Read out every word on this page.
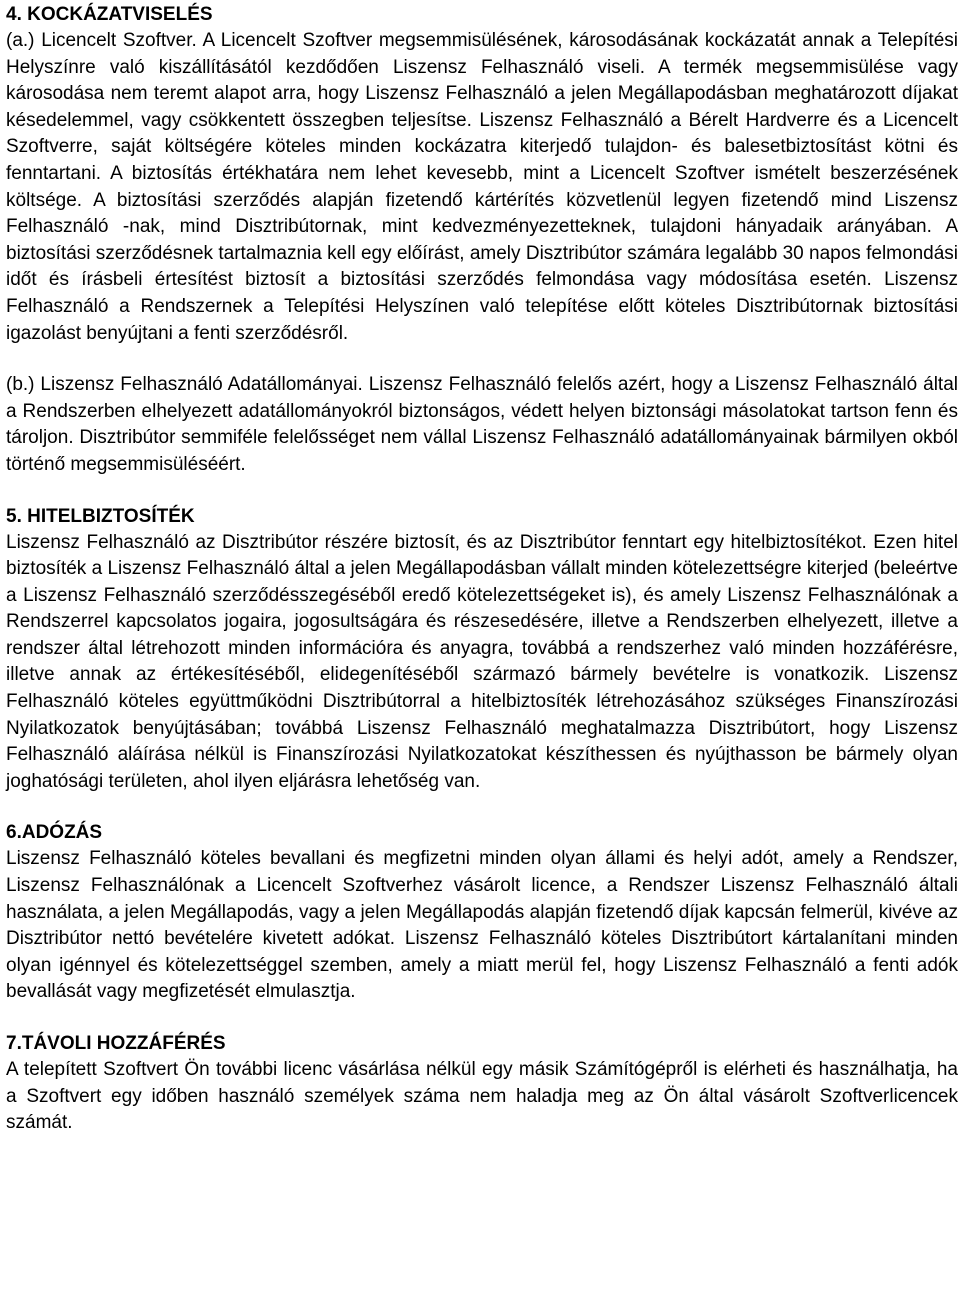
4. KOCKÁZATVISELÉS

(a.) Licencelt Szoftver. A Licencelt Szoftver megsemmisülésének, károsodásának kockázatát annak a Telepítési Helyszínre való kiszállításától kezdődően Liszensz Felhasználó viseli. A termék megsemmisülése vagy károsodása nem teremt alapot arra, hogy Liszensz Felhasználó a jelen Megállapodásban meghatározott díjakat késedelemmel, vagy csökkentett összegben teljesítse. Liszensz Felhasználó a Bérelt Hardverre és a Licencelt Szoftverre, saját költségére köteles minden kockázatra kiterjedő tulajdon- és balesetbiztosítást kötni és fenntartani. A biztosítás értékhatára nem lehet kevesebb, mint a Licencelt Szoftver ismételt beszerzésének költsége. A biztosítási szerződés alapján fizetendő kártérítés közvetlenül legyen fizetendő mind Liszensz Felhasználó -nak, mind Disztribútornak, mint kedvezményezetteknek, tulajdoni hányadaik arányában. A biztosítási szerződésnek tartalmaznia kell egy előírást, amely Disztribútor számára legalább 30 napos felmondási időt és írásbeli értesítést biztosít a biztosítási szerződés felmondása vagy módosítása esetén. Liszensz Felhasználó a Rendszernek a Telepítési Helyszínen való telepítése előtt köteles Disztribútornak biztosítási igazolást benyújtani a fenti szerződésről.

(b.) Liszensz Felhasználó Adatállományai. Liszensz Felhasználó felelős azért, hogy a Liszensz Felhasználó által a Rendszerben elhelyezett adatállományokról biztonságos, védett helyen biztonsági másolatokat tartson fenn és tároljon. Disztribútor semmiféle felelősséget nem vállal Liszensz Felhasználó adatállományainak bármilyen okból történő megsemmisüléséért.

5. HITELBIZTOSÍTÉK

Liszensz Felhasználó az Disztribútor részére biztosít, és az Disztribútor fenntart egy hitelbiztosítékot. Ezen hitel biztosíték a Liszensz Felhasználó által a jelen Megállapodásban vállalt minden kötelezettségre kiterjed (beleértve a Liszensz Felhasználó szerződésszegéséből eredő kötelezettségeket is), és amely Liszensz Felhasználónak a Rendszerrel kapcsolatos jogaira, jogosultságára és részesedésére, illetve a Rendszerben elhelyezett, illetve a rendszer által létrehozott minden információra és anyagra, továbbá a rendszerhez való minden hozzáférésre, illetve annak az értékesítéséből, elidegenítéséből származó bármely bevételre is vonatkozik. Liszensz Felhasználó köteles együttműködni Disztribútorral a hitelbiztosíték létrehozásához szükséges Finanszírozási Nyilatkozatok benyújtásában; továbbá Liszensz Felhasználó meghatalmazza Disztribútort, hogy Liszensz Felhasználó aláírása nélkül is Finanszírozási Nyilatkozatokat készíthessen és nyújthasson be bármely olyan joghatósági területen, ahol ilyen eljárásra lehetőség van.

6.ADÓZÁS

Liszensz Felhasználó köteles bevallani és megfizetni minden olyan állami és helyi adót, amely a Rendszer, Liszensz Felhasználónak a Licencelt Szoftverhez vásárolt licence, a Rendszer Liszensz Felhasználó általi használata, a jelen Megállapodás, vagy a jelen Megállapodás alapján fizetendő díjak kapcsán felmerül, kivéve az Disztribútor nettó bevételére kivetett adókat. Liszensz Felhasználó köteles Disztribútort kártalanítani minden olyan igénnyel és kötelezettséggel szemben, amely a miatt merül fel, hogy Liszensz Felhasználó a fenti adók bevallását vagy megfizetését elmulasztja.

7.TÁVOLI HOZZÁFÉRÉS

A telepített Szoftvert Ön további licenc vásárlása nélkül egy másik Számítógépről is elérheti és használhatja, ha a Szoftvert egy időben használó személyek száma nem haladja meg az Ön által vásárolt Szoftverlicencek számát.
